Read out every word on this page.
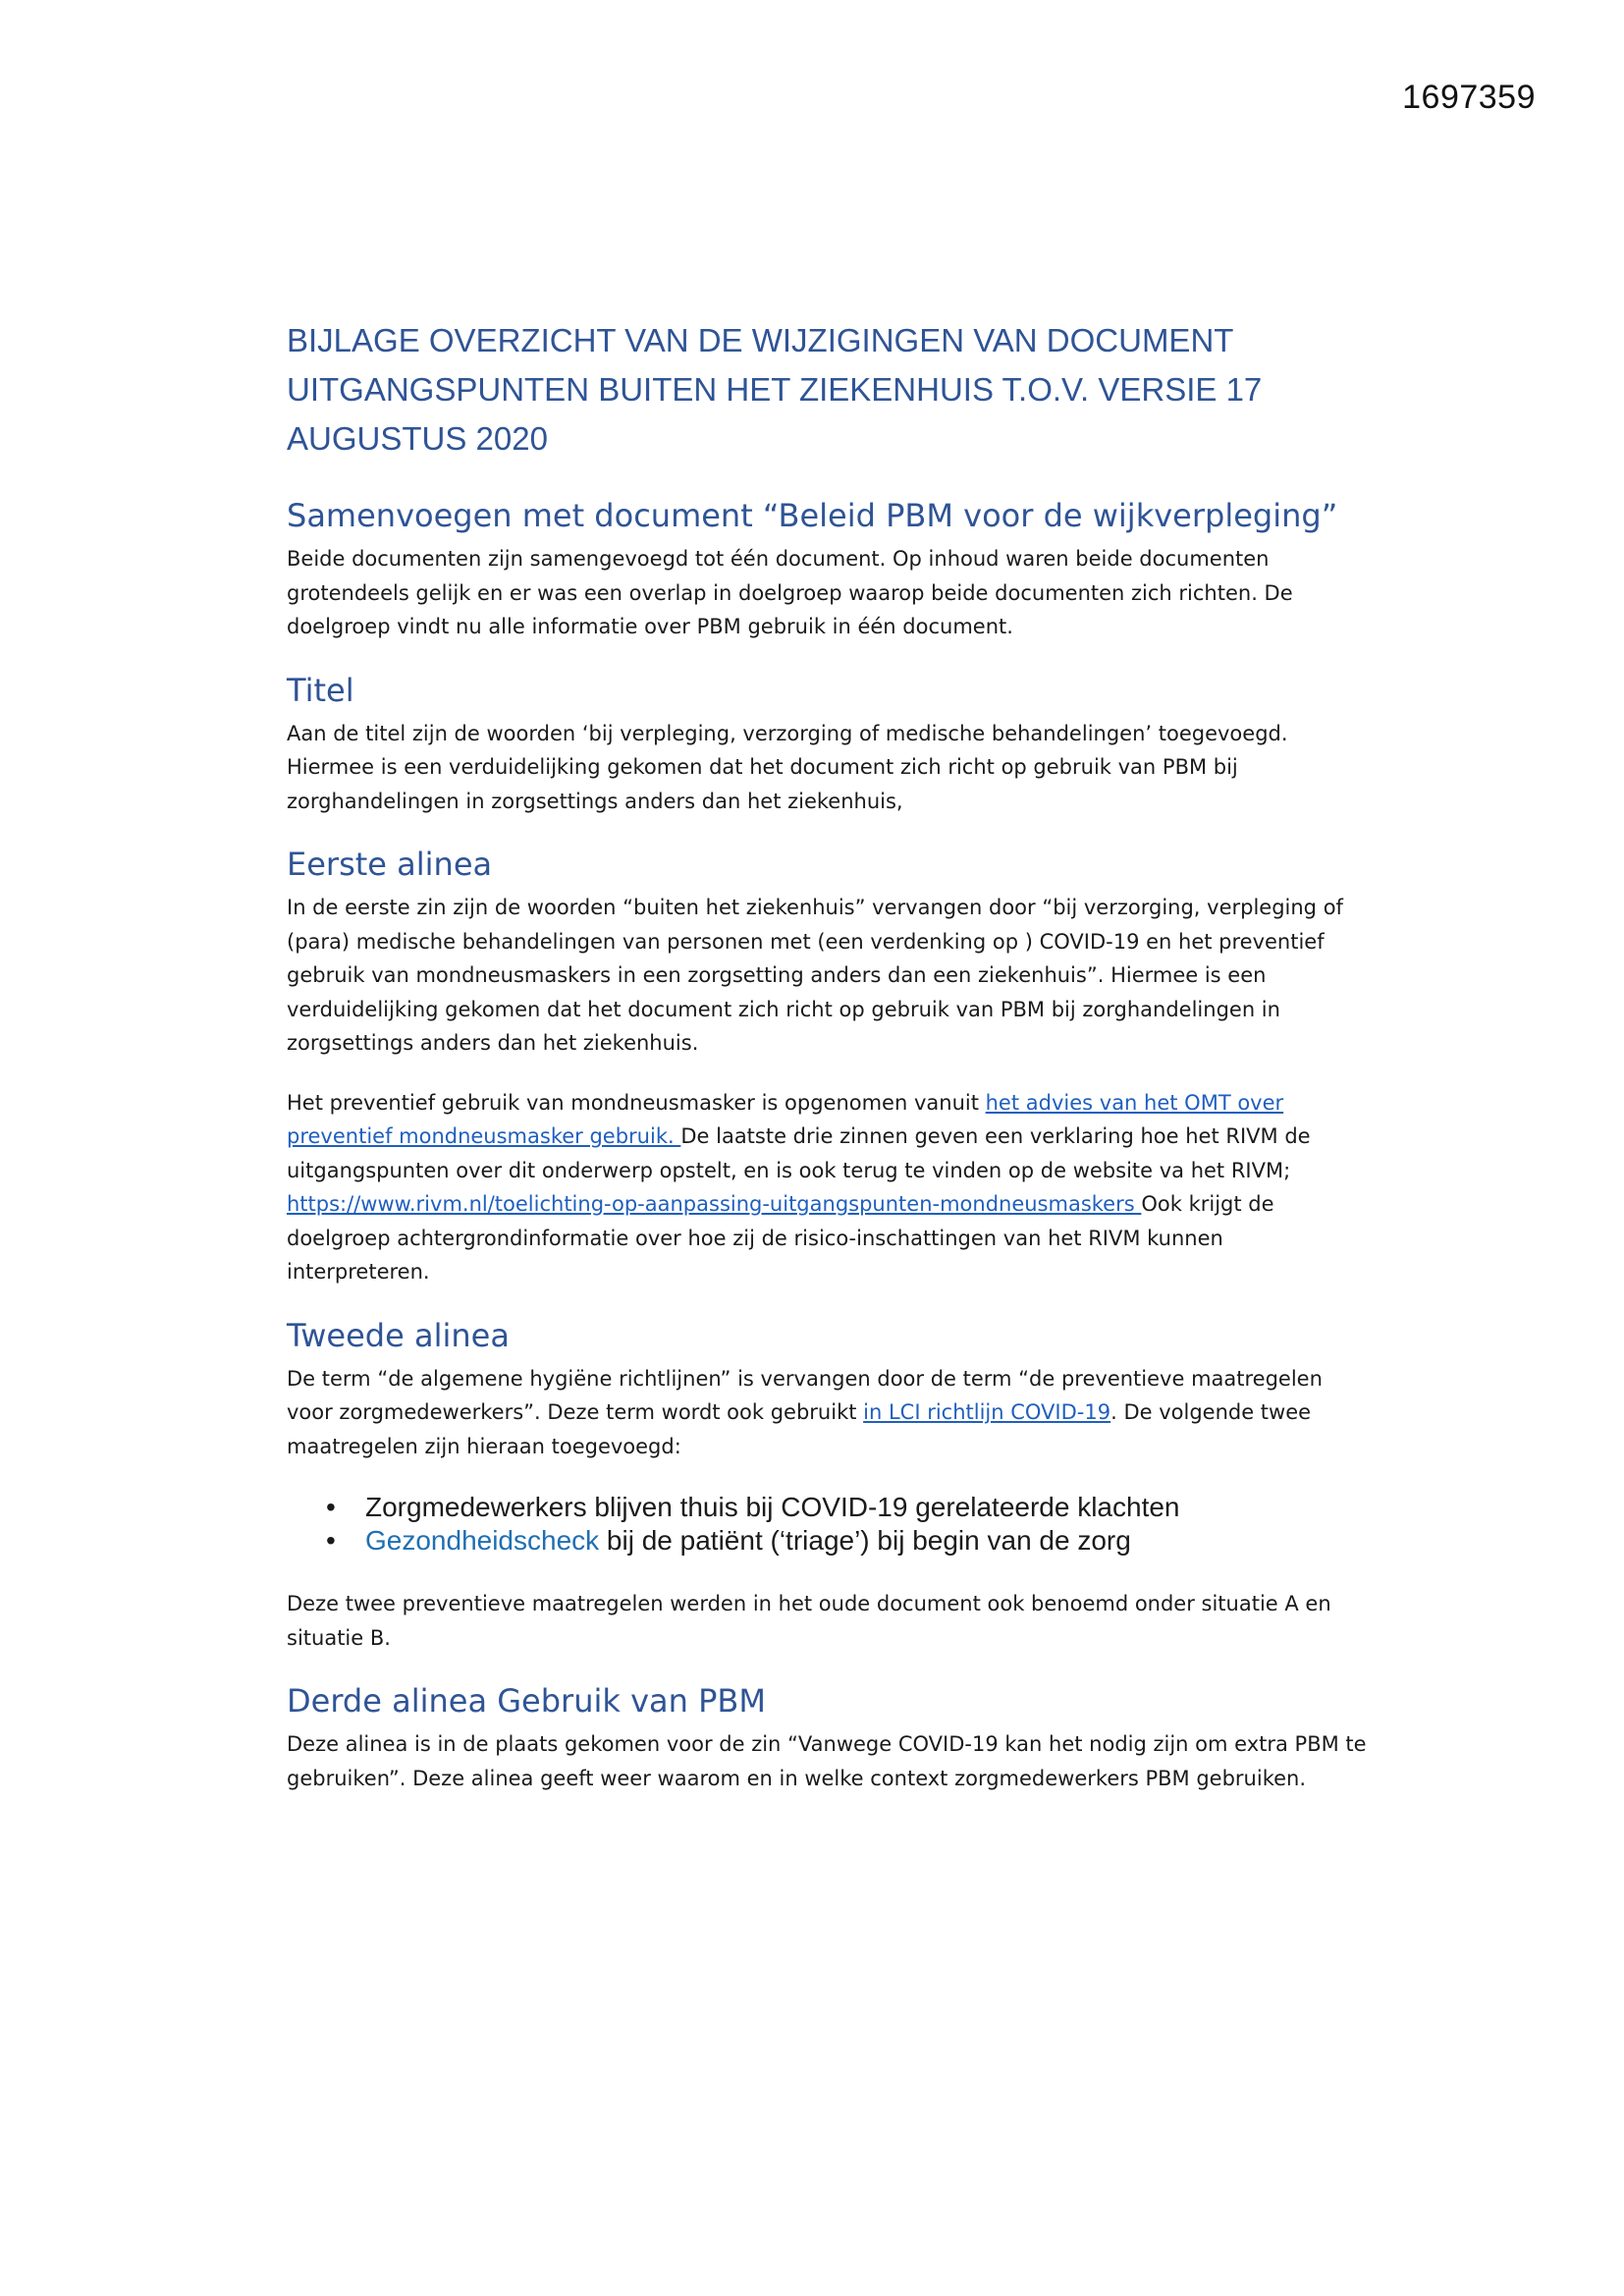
1697359
BIJLAGE OVERZICHT VAN DE WIJZIGINGEN VAN DOCUMENT UITGANGSPUNTEN BUITEN HET ZIEKENHUIS T.O.V. VERSIE 17 AUGUSTUS 2020
Samenvoegen met document “Beleid PBM voor de wijkverpleging”

Beide documenten zijn samengevoegd tot één document. Op inhoud waren beide documenten grotendeels gelijk en er was een overlap in doelgroep waarop beide documenten zich richten. De doelgroep vindt nu alle informatie over PBM gebruik in één document.

Titel

Aan de titel zijn de woorden ‘bij verpleging, verzorging of medische behandelingen’ toegevoegd. Hiermee is een verduidelijking gekomen dat het document zich richt op gebruik van PBM bij zorghandelingen in zorgsettings anders dan het ziekenhuis,

Eerste alinea

In de eerste zin zijn de woorden “buiten het ziekenhuis” vervangen door “bij verzorging, verpleging of (para) medische behandelingen van personen met (een verdenking op ) COVID-19 en het preventief gebruik van mondneusmaskers in een zorgsetting anders dan een ziekenhuis”. Hiermee is een verduidelijking gekomen dat het document zich richt op gebruik van PBM bij zorghandelingen in zorgsettings anders dan het ziekenhuis.

Het preventief gebruik van mondneusmasker is opgenomen vanuit het advies van het OMT over preventief mondneusmasker gebruik. De laatste drie zinnen geven een verklaring hoe het RIVM de uitgangspunten over dit onderwerp opstelt, en is ook terug te vinden op de website va het RIVM; https://www.rivm.nl/toelichting-op-aanpassing-uitgangspunten-mondneusmaskers Ook krijgt de doelgroep achtergrondinformatie over hoe zij de risico-inschattingen van het RIVM kunnen interpreteren.

Tweede alinea

De term “de algemene hygiëne richtlijnen” is vervangen door de term “de preventieve maatregelen voor zorgmedewerkers”. Deze term wordt ook gebruikt in LCI richtlijn COVID-19. De volgende twee maatregelen zijn hieraan toegevoegd:

• Zorgmedewerkers blijven thuis bij COVID-19 gerelateerde klachten
• Gezondheidscheck bij de patiënt (‘triage’) bij begin van de zorg

Deze twee preventieve maatregelen werden in het oude document ook benoemd onder situatie A en situatie B.

Derde alinea Gebruik van PBM

Deze alinea is in de plaats gekomen voor de zin “Vanwege COVID-19 kan het nodig zijn om extra PBM te gebruiken”. Deze alinea geeft weer waarom en in welke context zorgmedewerkers PBM gebruiken.
